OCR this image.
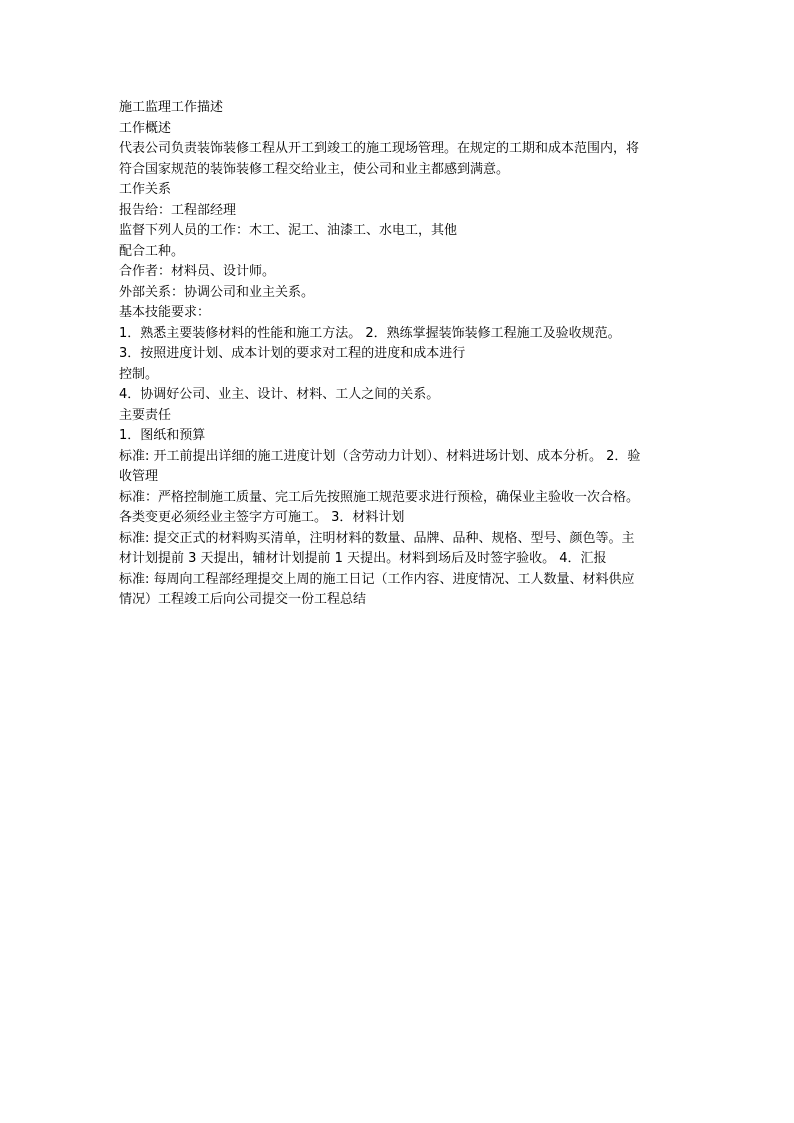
施工监理工作描述
工作概述
代表公司负责装饰装修工程从开工到竣工的施工现场管理。在规定的工期和成本范围内，将
符合国家规范的装饰装修工程交给业主，使公司和业主都感到满意。
工作关系
报告给：工程部经理
监督下列人员的工作：木工、泥工、油漆工、水电工，其他
配合工种。
合作者：材料员、设计师。
外部关系：协调公司和业主关系。
基本技能要求：
1．熟悉主要装修材料的性能和施工方法。 2．熟练掌握装饰装修工程施工及验收规范。
3．按照进度计划、成本计划的要求对工程的进度和成本进行
控制。
4．协调好公司、业主、设计、材料、工人之间的关系。
主要责任
1．图纸和预算
标准: 开工前提出详细的施工进度计划（含劳动力计划）、材料进场计划、成本分析。 2．验
收管理
标准：严格控制施工质量、完工后先按照施工规范要求进行预检，确保业主验收一次合格。
各类变更必须经业主签字方可施工。 3．材料计划
标准: 提交正式的材料购买清单，注明材料的数量、品牌、品种、规格、型号、颜色等。主
材计划提前 3 天提出，辅材计划提前 1 天提出。材料到场后及时签字验收。 4．汇报
标准: 每周向工程部经理提交上周的施工日记（工作内容、进度情况、工人数量、材料供应
情况）工程竣工后向公司提交一份工程总结
